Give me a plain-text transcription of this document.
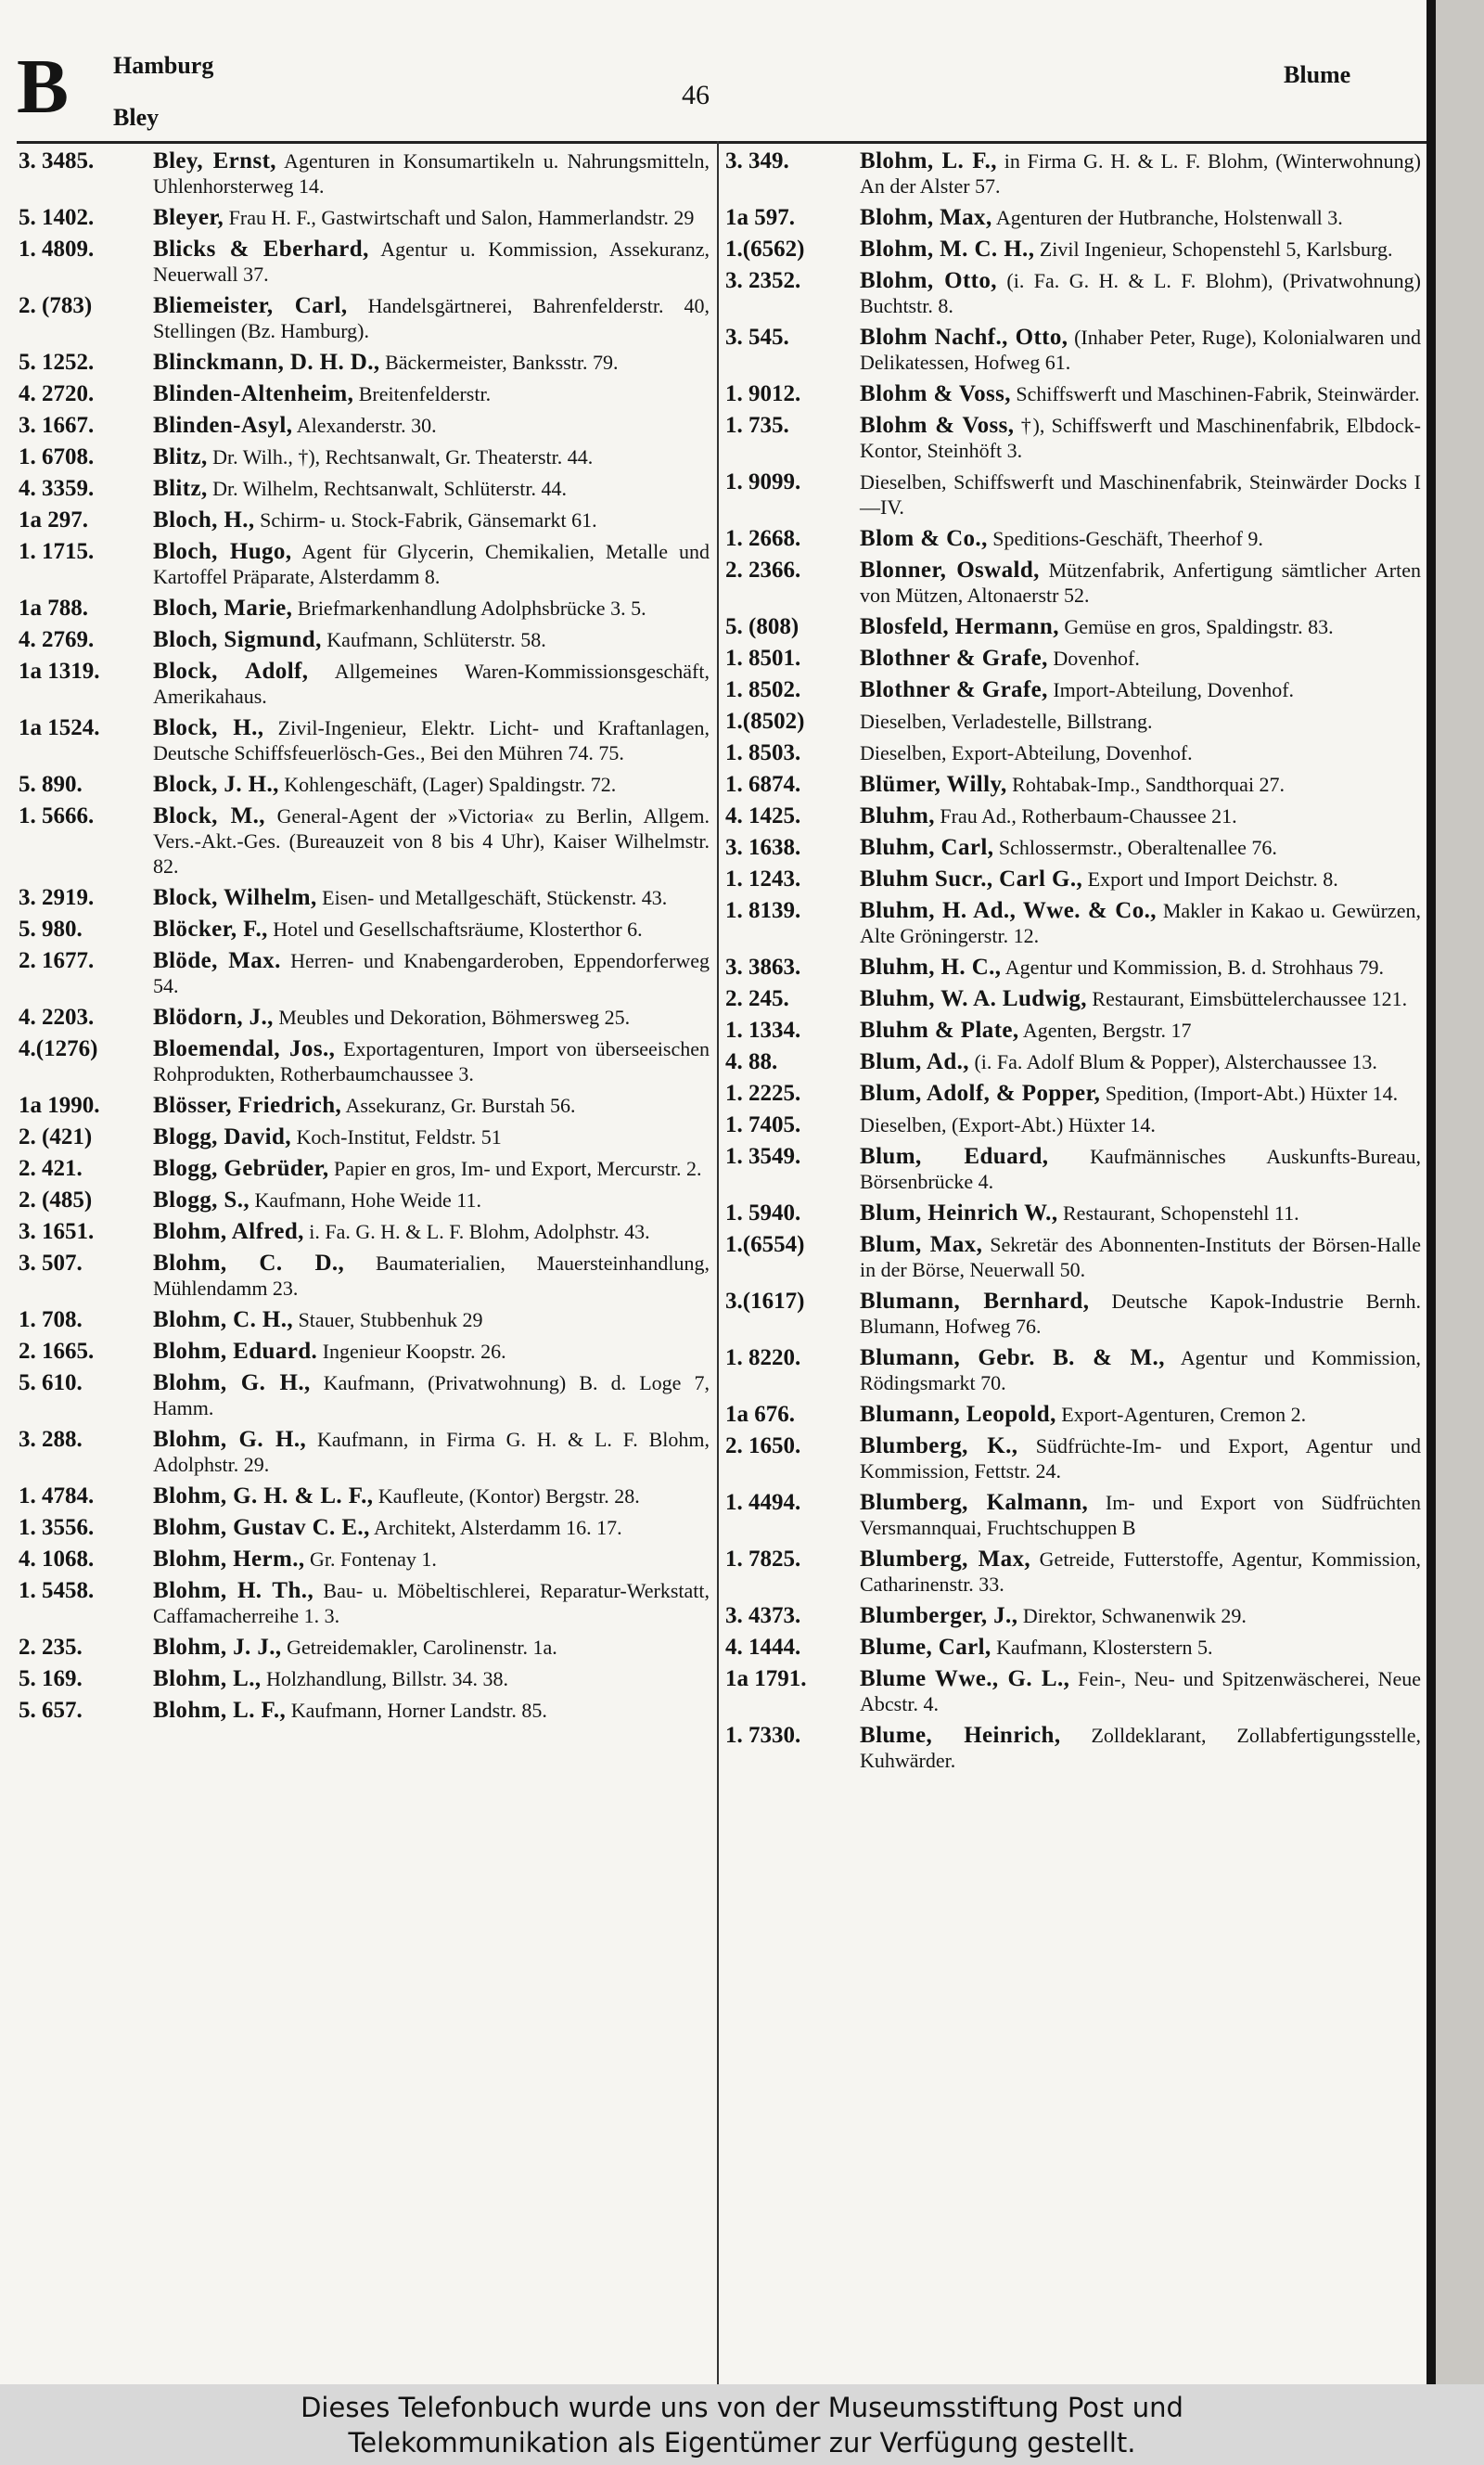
B Hamburg
Bley
46
Blume
3. 3485.	Bley, Ernst, Agenturen in Konsumartikeln u. Nahrungsmitteln, Uhlenhorsterweg 14.
5. 1402.	Bleyer, Frau H. F., Gastwirtschaft und Salon, Hammerlandstr. 29
1. 4809.	Blicks & Eberhard, Agentur u. Kommission, Assekuranz, Neuerwall 37.
2. (783)	Bliemeister, Carl, Handelsgärtnerei, Bahrenfelderstr. 40, Stellingen (Bz. Hamburg).
5. 1252.	Blinckmann, D. H. D., Bäckermeister, Banksstr. 79.
4. 2720.	Blinden-Altenheim, Breitenfelderstr.
3. 1667.	Blinden-Asyl, Alexanderstr. 30.
1. 6708.	Blitz, Dr. Wilh., †), Rechtsanwalt, Gr. Theaterstr. 44.
4. 3359.	Blitz, Dr. Wilhelm, Rechtsanwalt, Schlüterstr. 44.
1a 297.	Bloch, H., Schirm- u. Stock-Fabrik, Gänsemarkt 61.
1. 1715.	Bloch, Hugo, Agent für Glycerin, Chemikalien, Metalle und Kartoffel Präparate, Alsterdamm 8.
1a 788.	Bloch, Marie, Briefmarkenhandlung Adolphsbrücke 3. 5.
4. 2769.	Bloch, Sigmund, Kaufmann, Schlüterstr. 58.
1a 1319.	Block, Adolf, Allgemeines Waren-Kommissionsgeschäft, Amerikahaus.
1a 1524.	Block, H., Zivil-Ingenieur, Elektr. Licht- und Kraftanlagen, Deutsche Schiffsfeuerlösch-Ges., Bei den Mühren 74. 75.
5. 890.	Block, J. H., Kohlengeschäft, (Lager) Spaldingstr. 72.
1. 5666.	Block, M., General-Agent der »Victoria« zu Berlin, Allgem. Vers.-Akt.-Ges. (Bureauzeit von 8 bis 4 Uhr), Kaiser Wilhelmstr. 82.
3. 2919.	Block, Wilhelm, Eisen- und Metallgeschäft, Stückenstr. 43.
5. 980.	Blöcker, F., Hotel und Gesellschaftsräume, Klosterthor 6.
2. 1677.	Blöde, Max. Herren- und Knabengarderoben, Eppendorferweg 54.
4. 2203.	Blödorn, J., Meubles und Dekoration, Böhmersweg 25.
4.(1276)	Bloemendal, Jos., Exportagenturen, Import von überseeischen Rohprodukten, Rotherbaumchaussee 3.
1a 1990.	Blösser, Friedrich, Assekuranz, Gr. Burstah 56.
2. (421)	Blogg, David, Koch-Institut, Feldstr. 51
2. 421.	Blogg, Gebrüder, Papier en gros, Im- und Export, Mercurstr. 2.
2. (485)	Blogg, S., Kaufmann, Hohe Weide 11.
3. 1651.	Blohm, Alfred, i. Fa. G. H. & L. F. Blohm, Adolphstr. 43.
3. 507.	Blohm, C. D., Baumaterialien, Mauersteinhandlung, Mühlendamm 23.
1. 708.	Blohm, C. H., Stauer, Stubbenhuk 29
2. 1665.	Blohm, Eduard. Ingenieur Koopstr. 26.
5. 610.	Blohm, G. H., Kaufmann, (Privatwohnung) B. d. Loge 7, Hamm.
3. 288.	Blohm, G. H., Kaufmann, in Firma G. H. & L. F. Blohm, Adolphstr. 29.
1. 4784.	Blohm, G. H. & L. F., Kaufleute, (Kontor) Bergstr. 28.
1. 3556.	Blohm, Gustav C. E., Architekt, Alsterdamm 16. 17.
4. 1068.	Blohm, Herm., Gr. Fontenay 1.
1. 5458.	Blohm, H. Th., Bau- u. Möbeltischlerei, Reparatur-Werkstatt, Caffamacherreihe 1. 3.
2. 235.	Blohm, J. J., Getreidemakler, Carolinenstr. 1a.
5. 169.	Blohm, L., Holzhandlung, Billstr. 34. 38.
5. 657.	Blohm, L. F., Kaufmann, Horner Landstr. 85.
3. 349.	Blohm, L. F., in Firma G. H. & L. F. Blohm, (Winterwohnung) An der Alster 57.
1a 597.	Blohm, Max, Agenturen der Hutbranche, Holstenwall 3.
1.(6562)	Blohm, M. C. H., Zivil Ingenieur, Schopenstehl 5, Karlsburg.
3. 2352.	Blohm, Otto, (i. Fa. G. H. & L. F. Blohm), (Privatwohnung) Buchtstr. 8.
3. 545.	Blohm Nachf., Otto, (Inhaber Peter, Ruge), Kolonialwaren und Delikatessen, Hofweg 61.
1. 9012.	Blohm & Voss, Schiffswerft und Maschinen-Fabrik, Steinwärder.
1. 735.	Blohm & Voss, †), Schiffswerft und Maschinenfabrik, Elbdock-Kontor, Steinhöft 3.
1. 9099.	Dieselben, Schiffswerft und Maschinenfabrik, Steinwärder Docks I—IV.
1. 2668.	Blom & Co., Speditions-Geschäft, Theerhof 9.
2. 2366.	Blonner, Oswald, Mützenfabrik, Anfertigung sämtlicher Arten von Mützen, Altonaerstr 52.
5. (808)	Blosfeld, Hermann, Gemüse en gros, Spaldingstr. 83.
1. 8501.	Blothner & Grafe, Dovenhof.
1. 8502.	Blothner & Grafe, Import-Abteilung, Dovenhof.
1.(8502)	Dieselben, Verladestelle, Billstrang.
1. 8503.	Dieselben, Export-Abteilung, Dovenhof.
1. 6874.	Blümer, Willy, Rohtabak-Imp., Sandthorquai 27.
4. 1425.	Bluhm, Frau Ad., Rotherbaum-Chaussee 21.
3. 1638.	Bluhm, Carl, Schlossermstr., Oberaltenallee 76.
1. 1243.	Bluhm Sucr., Carl G., Export und Import Deichstr. 8.
1. 8139.	Bluhm, H. Ad., Wwe. & Co., Makler in Kakao u. Gewürzen, Alte Gröningerstr. 12.
3. 3863.	Bluhm, H. C., Agentur und Kommission, B. d. Strohhaus 79.
2. 245.	Bluhm, W. A. Ludwig, Restaurant, Eimsbüttelerchaussee 121.
1. 1334.	Bluhm & Plate, Agenten, Bergstr. 17
4. 88.	Blum, Ad., (i. Fa. Adolf Blum & Popper), Alsterchaussee 13.
1. 2225.	Blum, Adolf, & Popper, Spedition, (Import-Abt.) Hüxter 14.
1. 7405.	Dieselben, (Export-Abt.) Hüxter 14.
1. 3549.	Blum, Eduard, Kaufmännisches Auskunfts-Bureau, Börsenbrücke 4.
1. 5940.	Blum, Heinrich W., Restaurant, Schopenstehl 11.
1.(6554)	Blum, Max, Sekretär des Abonnenten-Instituts der Börsen-Halle in der Börse, Neuerwall 50.
3.(1617)	Blumann, Bernhard, Deutsche Kapok-Industrie Bernh. Blumann, Hofweg 76.
1. 8220.	Blumann, Gebr. B. & M., Agentur und Kommission, Rödingsmarkt 70.
1a 676.	Blumann, Leopold, Export-Agenturen, Cremon 2.
2. 1650.	Blumberg, K., Südfrüchte-Im- und Export, Agentur und Kommission, Fettstr. 24.
1. 4494.	Blumberg, Kalmann, Im- und Export von Südfrüchten Versmannquai, Fruchtschuppen B
1. 7825.	Blumberg, Max, Getreide, Futterstoffe, Agentur, Kommission, Catharinenstr. 33.
3. 4373.	Blumberger, J., Direktor, Schwanenwik 29.
4. 1444.	Blume, Carl, Kaufmann, Klosterstern 5.
1a 1791.	Blume Wwe., G. L., Fein-, Neu- und Spitzenwäscherei, Neue Abcstr. 4.
1. 7330.	Blume, Heinrich, Zolldeklarant, Zollabfertigungsstelle, Kuhwärder.
Dieses Telefonbuch wurde uns von der Museumsstiftung Post und
Telekommunikation als Eigentümer zur Verfügung gestellt.
